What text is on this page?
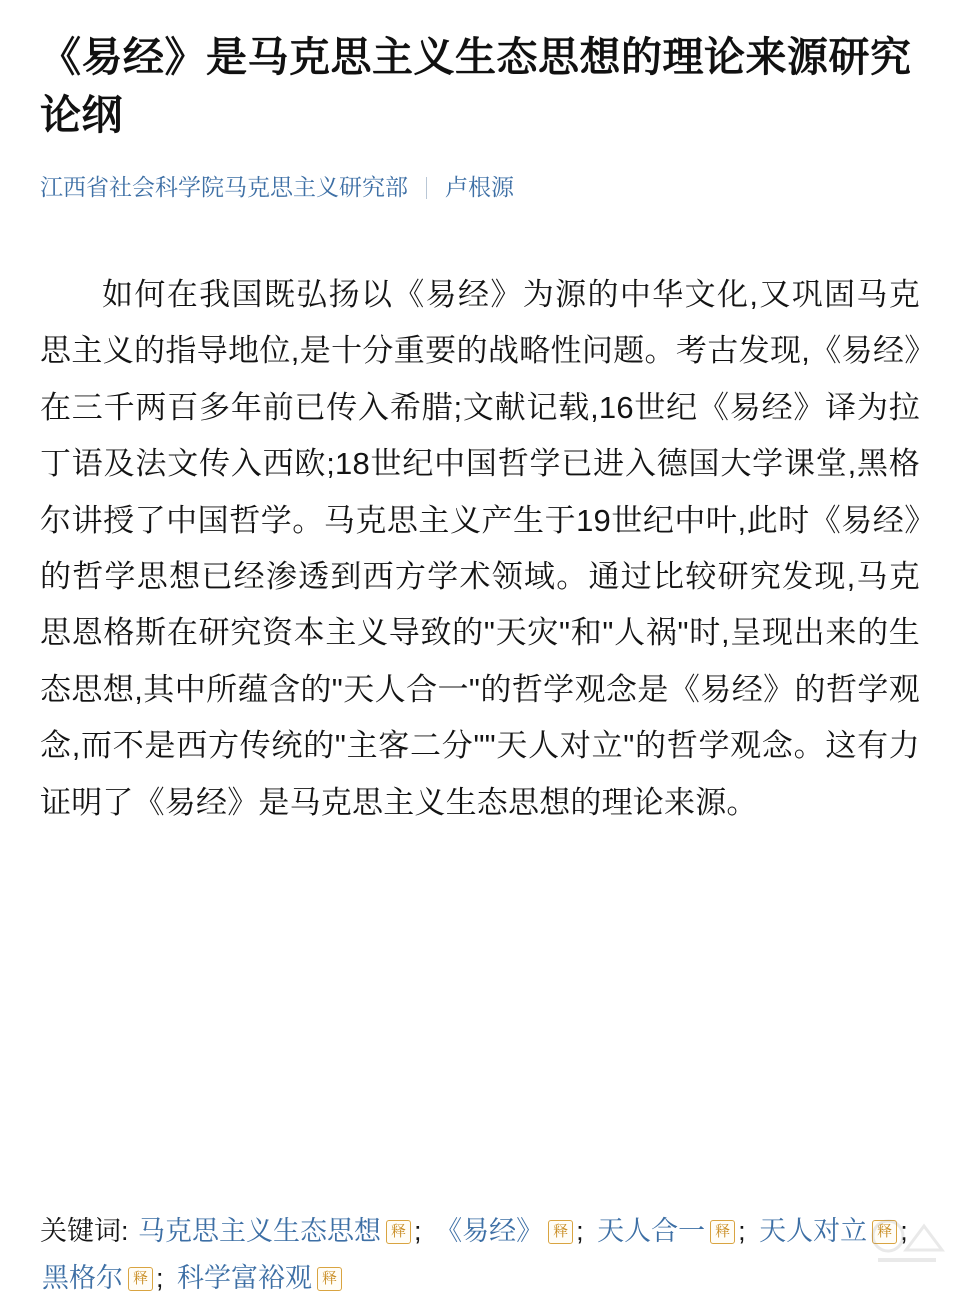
《易经》是马克思主义生态思想的理论来源研究论纲
江西省社会科学院马克思主义研究部 卢根源

如何在我国既弘扬以《易经》为源的中华文化,又巩固马克思主义的指导地位,是十分重要的战略性问题。考古发现,《易经》在三千两百多年前已传入希腊;文献记载,16世纪《易经》译为拉丁语及法文传入西欧;18世纪中国哲学已进入德国大学课堂,黑格尔讲授了中国哲学。马克思主义产生于19世纪中叶,此时《易经》的哲学思想已经渗透到西方学术领域。通过比较研究发现,马克思恩格斯在研究资本主义导致的"天灾"和"人祸"时,呈现出来的生态思想,其中所蕴含的"天人合一"的哲学观念是《易经》的哲学观念,而不是西方传统的"主客二分""天人对立"的哲学观念。这有力证明了《易经》是马克思主义生态思想的理论来源。

关键词: 马克思主义生态思想 释 ; 《易经》 释 ; 天人合一 释 ; 天人对立 释 ; 黑格尔 释 ; 科学富裕观 释
